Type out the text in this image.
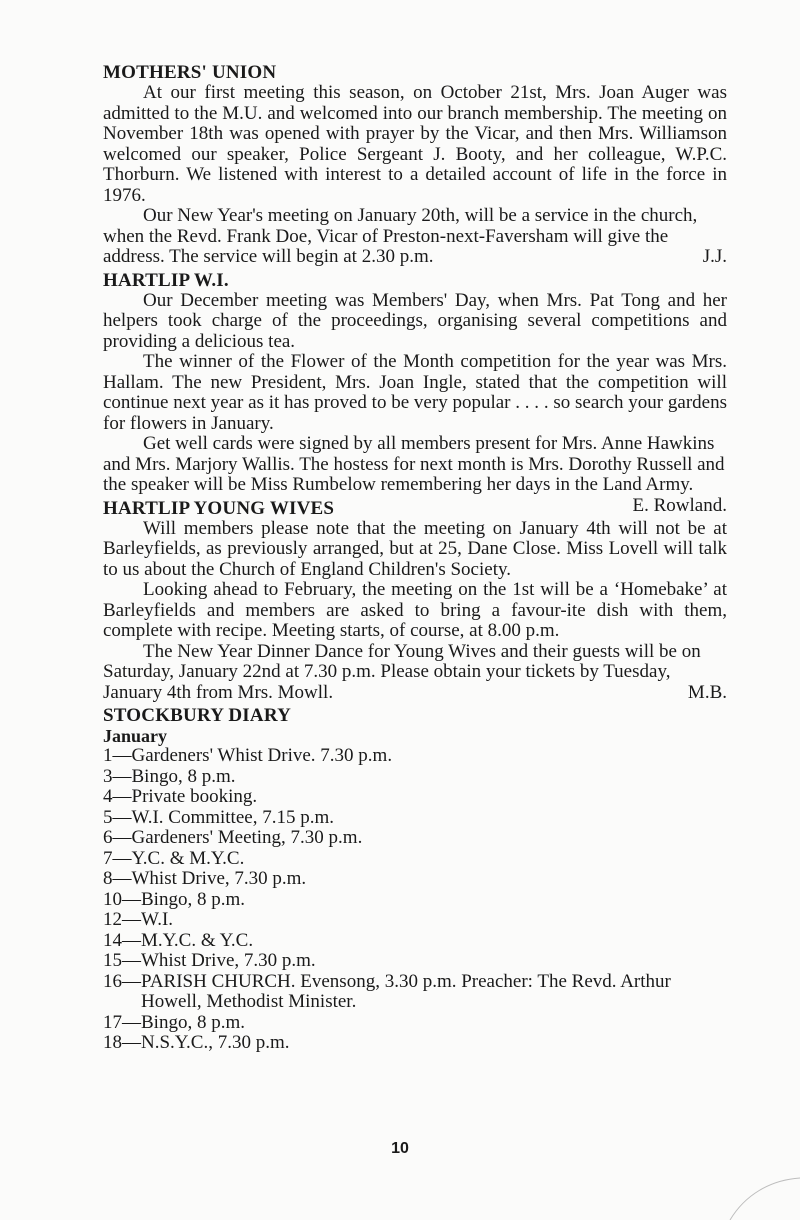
MOTHERS' UNION

At our first meeting this season, on October 21st, Mrs. Joan Auger was admitted to the M.U. and welcomed into our branch membership. The meeting on November 18th was opened with prayer by the Vicar, and then Mrs. Williamson welcomed our speaker, Police Sergeant J. Booty, and her colleague, W.P.C. Thorburn. We listened with interest to a detailed account of life in the force in 1976.

Our New Year's meeting on January 20th, will be a service in the church, when the Revd. Frank Doe, Vicar of Preston-next-Faversham will give the address. The service will begin at 2.30 p.m.	J.J.

HARTLIP W.I.

Our December meeting was Members' Day, when Mrs. Pat Tong and her helpers took charge of the proceedings, organising several competitions and providing a delicious tea.

The winner of the Flower of the Month competition for the year was Mrs. Hallam. The new President, Mrs. Joan Ingle, stated that the competition will continue next year as it has proved to be very popular . . . . so search your gardens for flowers in January.

Get well cards were signed by all members present for Mrs. Anne Hawkins and Mrs. Marjory Wallis. The hostess for next month is Mrs. Dorothy Russell and the speaker will be Miss Rumbelow remembering her days in the Land Army.
E. Rowland.

HARTLIP YOUNG WIVES

Will members please note that the meeting on January 4th will not be at Barleyfields, as previously arranged, but at 25, Dane Close. Miss Lovell will talk to us about the Church of England Children's Society.

Looking ahead to February, the meeting on the 1st will be a ‘Homebake’ at Barleyfields and members are asked to bring a favour-ite dish with them, complete with recipe. Meeting starts, of course, at 8.00 p.m.

The New Year Dinner Dance for Young Wives and their guests will be on Saturday, January 22nd at 7.30 p.m. Please obtain your tickets by Tuesday, January 4th from Mrs. Mowll.	M.B.

STOCKBURY DIARY
January
1—Gardeners' Whist Drive. 7.30 p.m.
3—Bingo, 8 p.m.
4—Private booking.
5—W.I. Committee, 7.15 p.m.
6—Gardeners' Meeting, 7.30 p.m.
7—Y.C. & M.Y.C.
8—Whist Drive, 7.30 p.m.
10—Bingo, 8 p.m.
12—W.I.
14—M.Y.C. & Y.C.
15—Whist Drive, 7.30 p.m.
16—PARISH CHURCH. Evensong, 3.30 p.m. Preacher: The Revd. Arthur Howell, Methodist Minister.
17—Bingo, 8 p.m.
18—N.S.Y.C., 7.30 p.m.
10
